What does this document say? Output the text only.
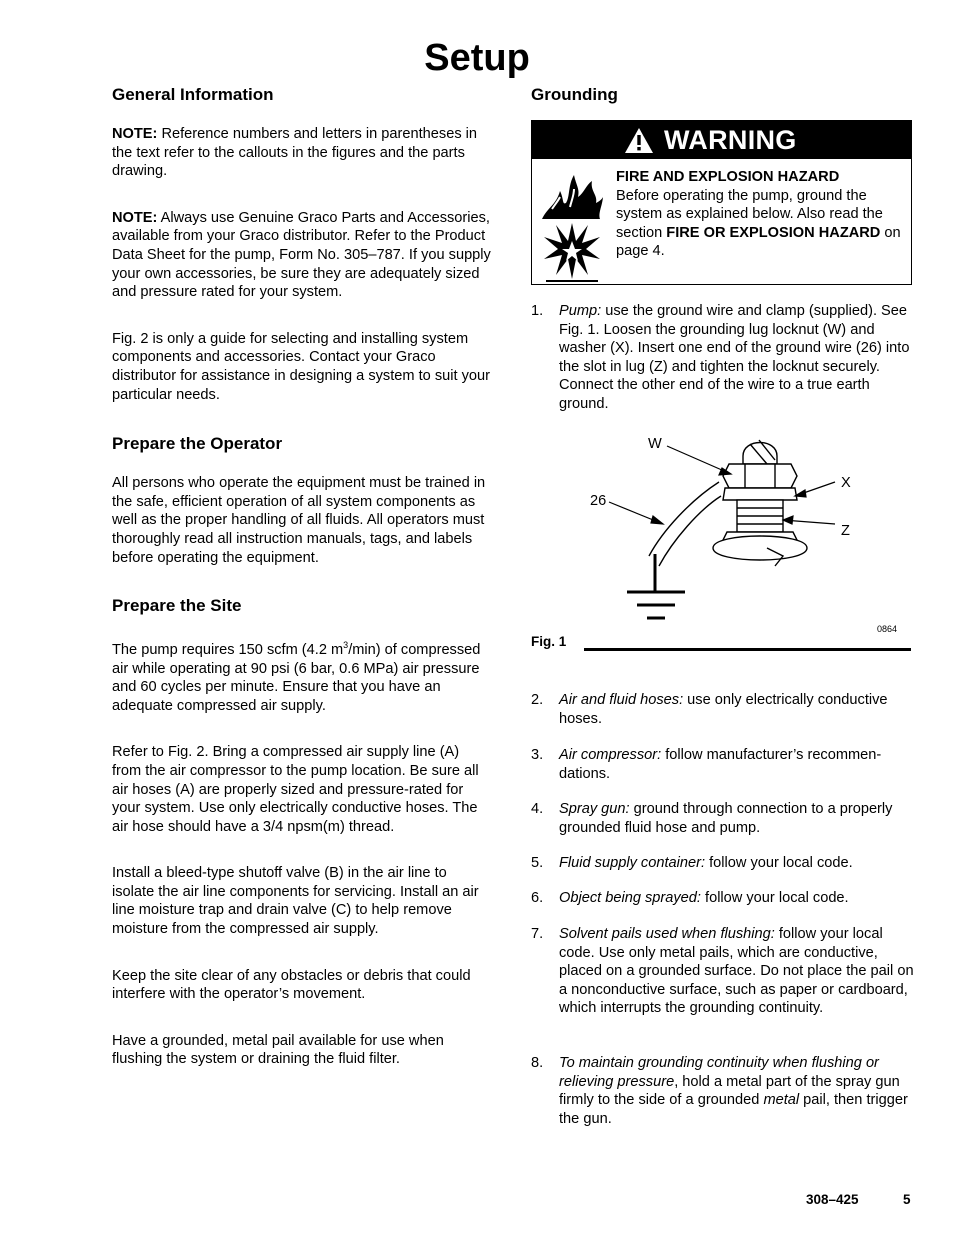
Setup
General Information

NOTE: Reference numbers and letters in parentheses in the text refer to the callouts in the figures and the parts drawing.

NOTE: Always use Genuine Graco Parts and Accessories, available from your Graco distributor. Refer to the Product Data Sheet for the pump, Form No. 305–787. If you supply your own accessories, be sure they are adequately sized and pressure rated for your system.

Fig. 2 is only a guide for selecting and installing system components and accessories. Contact your Graco distributor for assistance in designing a system to suit your particular needs.

Prepare the Operator

All persons who operate the equipment must be trained in the safe, efficient operation of all system components as well as the proper handling of all fluids. All operators must thoroughly read all instruction manuals, tags, and labels before operating the equipment.

Prepare the Site

The pump requires 150 scfm (4.2 $m^3/\min$) of compressed air while operating at 90 psi (6 bar, 0.6 MPa) air pressure and 60 cycles per minute. Ensure that you have an adequate compressed air supply.

Refer to Fig. 2. Bring a compressed air supply line (A) from the air compressor to the pump location. Be sure all air hoses (A) are properly sized and pressure-rated for your system. Use only electrically conductive hoses. The air hose should have a 3/4 npsm(m) thread.

Install a bleed-type shutoff valve (B) in the air line to isolate the air line components for servicing. Install an air line moisture trap and drain valve (C) to help remove moisture from the compressed air supply.

Keep the site clear of any obstacles or debris that could interfere with the operator’s movement.

Have a grounded, metal pail available for use when flushing the system or draining the fluid filter.

Grounding
WARNING
FIRE AND EXPLOSION HAZARD
Before operating the pump, ground the system as explained below. Also read the section FIRE OR EXPLOSION HAZARD on page 4.
1. Pump: use the ground wire and clamp (supplied). See Fig. 1. Loosen the grounding lug locknut (W) and washer (X). Insert one end of the ground wire (26) into the slot in lug (Z) and tighten the locknut securely. Connect the other end of the wire to a true earth ground.
W
X
Z
26
0864
Fig. 1
2. Air and fluid hoses: use only electrically conductive hoses.
3. Air compressor: follow manufacturer’s recommendations.
4. Spray gun: ground through connection to a properly grounded fluid hose and pump.
5. Fluid supply container: follow your local code.
6. Object being sprayed: follow your local code.
7. Solvent pails used when flushing: follow your local code. Use only metal pails, which are conductive, placed on a grounded surface. Do not place the pail on a nonconductive surface, such as paper or cardboard, which interrupts the grounding continuity.
8. To maintain grounding continuity when flushing or relieving pressure, hold a metal part of the spray gun firmly to the side of a grounded metal pail, then trigger the gun.
308–425	5
